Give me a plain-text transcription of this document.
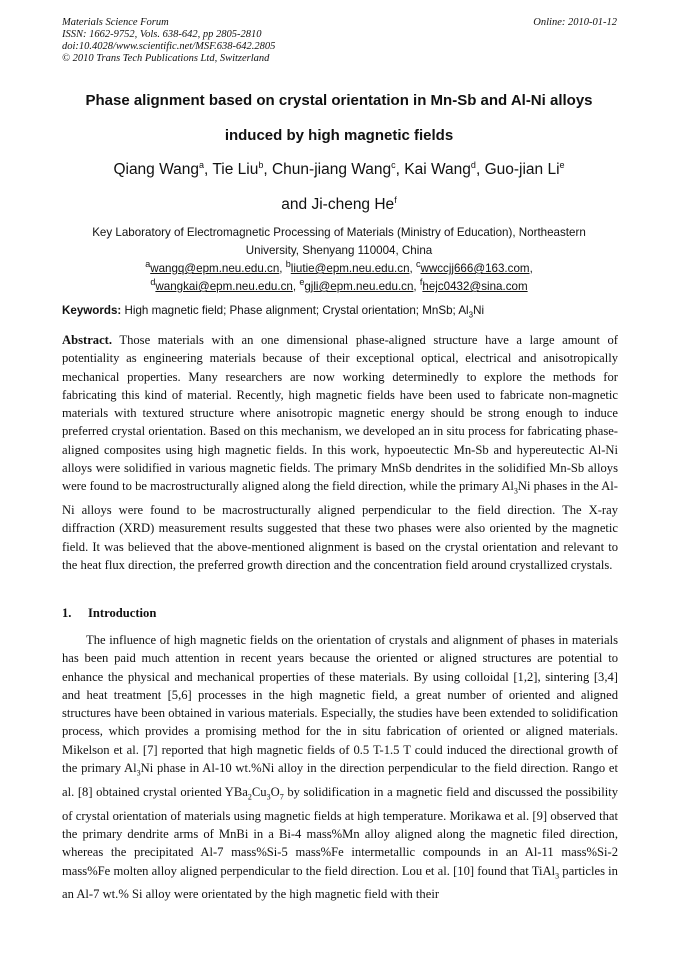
Materials Science Forum
ISSN: 1662-9752, Vols. 638-642, pp 2805-2810
doi:10.4028/www.scientific.net/MSF.638-642.2805
© 2010 Trans Tech Publications Ltd, Switzerland
Online: 2010-01-12
Phase alignment based on crystal orientation in Mn-Sb and Al-Ni alloys
induced by high magnetic fields
Qiang Wang$^a$, Tie Liu$^b$, Chun-jiang Wang$^c$, Kai Wang$^d$, Guo-jian Li$^e$
and Ji-cheng He$^f$
Key Laboratory of Electromagnetic Processing of Materials (Ministry of Education), Northeastern
University, Shenyang 110004, China
$^a$wangq@epm.neu.edu.cn, $^b$liutie@epm.neu.edu.cn, $^c$wwccjj666@163.com,
$^d$wangkai@epm.neu.edu.cn, $^e$gjli@epm.neu.edu.cn, $^f$hejc0432@sina.com
Keywords: High magnetic field; Phase alignment; Crystal orientation; MnSb; $Al_3Ni$

Abstract. Those materials with an one dimensional phase-aligned structure have a large amount of potentiality as engineering materials because of their exceptional optical, electrical and anisotropically mechanical properties. Many researchers are now working determinedly to explore the methods for fabricating this kind of material. Recently, high magnetic fields have been used to fabricate non-magnetic materials with textured structure where anisotropic magnetic energy should be strong enough to induce preferred crystal orientation. Based on this mechanism, we developed an in situ process for fabricating phase-aligned composites using high magnetic fields. In this work, hypoeutectic Mn-Sb and hypereutectic Al-Ni alloys were solidified in various magnetic fields. The primary MnSb dendrites in the solidified Mn-Sb alloys were found to be macrostructurally aligned along the field direction, while the primary $Al_3Ni$ phases in the Al-Ni alloys were found to be macrostructurally aligned perpendicular to the field direction. The X-ray diffraction (XRD) measurement results suggested that these two phases were also oriented by the magnetic field. It was believed that the above-mentioned alignment is based on the crystal orientation and relevant to the heat flux direction, the preferred growth direction and the concentration field around crystallized crystals.

1. Introduction

The influence of high magnetic fields on the orientation of crystals and alignment of phases in materials has been paid much attention in recent years because the oriented or aligned structures are potential to enhance the physical and mechanical properties of these materials. By using colloidal [1,2], sintering [3,4] and heat treatment [5,6] processes in the high magnetic field, a great number of oriented and aligned structures have been obtained in various materials. Especially, the studies have been extended to solidification process, which provides a promising method for the in situ fabrication of oriented or aligned materials. Mikelson et al. [7] reported that high magnetic fields of 0.5 T-1.5 T could induced the directional growth of the primary $Al_3Ni$ phase in Al-10 wt.%Ni alloy in the direction perpendicular to the field direction. Rango et al. [8] obtained crystal oriented $YBa_2Cu_3O_7$ by solidification in a magnetic field and discussed the possibility of crystal orientation of materials using magnetic fields at high temperature. Morikawa et al. [9] observed that the primary dendrite arms of MnBi in a Bi-4 mass%Mn alloy aligned along the magnetic filed direction, whereas the precipitated Al-7 mass%Si-5 mass%Fe intermetallic compounds in an Al-11 mass%Si-2 mass%Fe molten alloy aligned perpendicular to the field direction. Lou et al. [10] found that TiAl$_3$ particles in an Al-7 wt.% Si alloy were orientated by the high magnetic field with their
